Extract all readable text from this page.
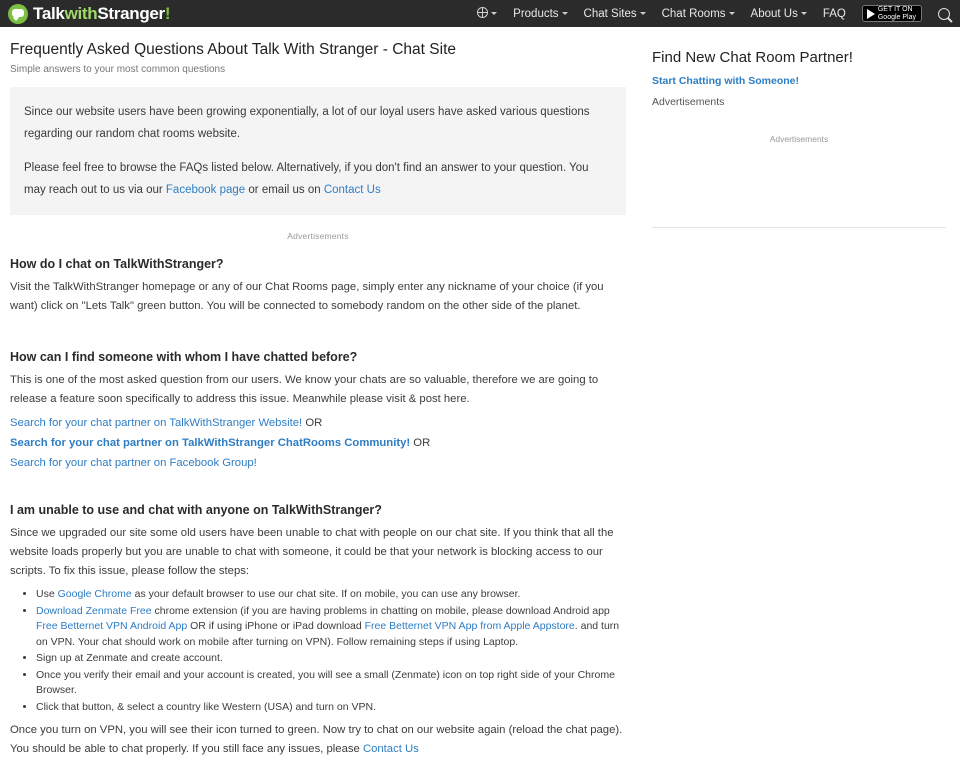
TalkwithStranger!	Products	Chat Sites	Chat Rooms	About Us	FAQ	GET IT ON
Google Play
Frequently Asked Questions About Talk With Stranger - Chat Site
Simple answers to your most common questions

Since our website users have been growing exponentially, a lot of our loyal users have asked various questions regarding our random chat rooms website.

Please feel free to browse the FAQs listed below. Alternatively, if you don't find an answer to your question. You may reach out to us via our Facebook page or email us on Contact Us

Advertisements
How do I chat on TalkWithStranger?

Visit the TalkWithStranger homepage or any of our Chat Rooms page, simply enter any nickname of your choice (if you want) click on "Lets Talk" green button. You will be connected to somebody random on the other side of the planet.

How can I find someone with whom I have chatted before?

This is one of the most asked question from our users. We know your chats are so valuable, therefore we are going to release a feature soon specifically to address this issue. Meanwhile please visit & post here.

Search for your chat partner on TalkWithStranger Website! OR

Search for your chat partner on TalkWithStranger ChatRooms Community! OR

Search for your chat partner on Facebook Group!

I am unable to use and chat with anyone on TalkWithStranger?

Since we upgraded our site some old users have been unable to chat with people on our chat site. If you think that all the website loads properly but you are unable to chat with someone, it could be that your network is blocking access to our scripts. To fix this issue, please follow the steps:

• Use Google Chrome as your default browser to use our chat site. If on mobile, you can use any browser.
• Download Zenmate Free chrome extension (if you are having problems in chatting on mobile, please download Android app Free Betternet VPN Android App OR if using iPhone or iPad download Free Betternet VPN App from Apple Appstore. and turn on VPN. Your chat should work on mobile after turning on VPN). Follow remaining steps if using Laptop.
• Sign up at Zenmate and create account.
• Once you verify their email and your account is created, you will see a small (Zenmate) icon on top right side of your Chrome Browser.
• Click that button, & select a country like Western (USA) and turn on VPN.

Once you turn on VPN, you will see their icon turned to green. Now try to chat on our website again (reload the chat page). You should be able to chat properly. If you still face any issues, please Contact Us

Find New Chat Room Partner!
Start Chatting with Someone!
Advertisements
Advertisements
